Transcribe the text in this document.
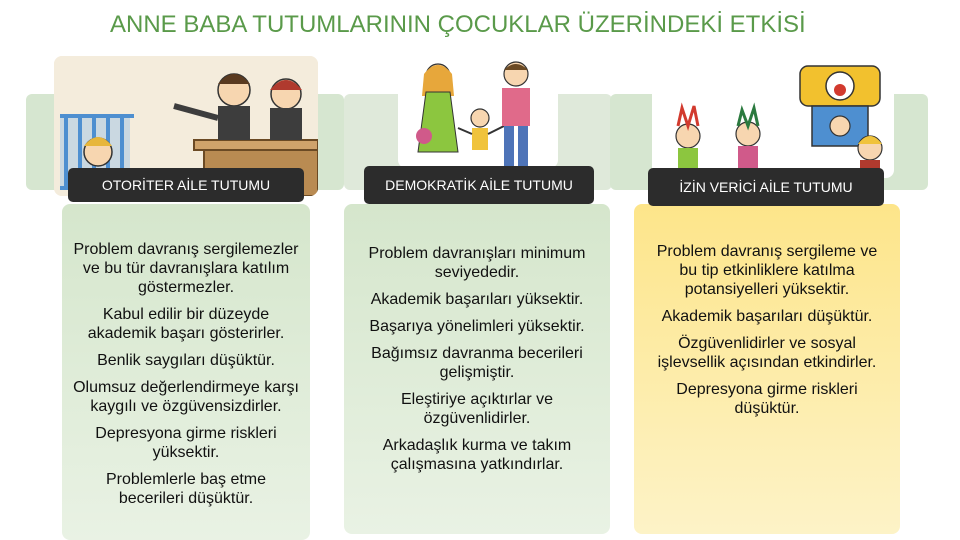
ANNE BABA TUTUMLARININ ÇOCUKLAR ÜZERİNDEKİ ETKİSİ
OTORİTER AİLE TUTUMU	DEMOKRATİK AİLE TUTUMU	İZİN VERİCİ AİLE TUTUMU

Problem davranış sergilemezler ve bu tür davranışlara katılım göstermezler.

Kabul edilir bir düzeyde akademik başarı gösterirler.

Benlik saygıları düşüktür.

Olumsuz değerlendirmeye karşı kaygılı ve özgüvensizdirler.

Depresyona girme riskleri yüksektir.

Problemlerle baş etme becerileri düşüktür.

Problem davranışları minimum seviyededir.

Akademik başarıları yüksektir.

Başarıya yönelimleri yüksektir.

Bağımsız davranma becerileri gelişmiştir.

Eleştiriye açıktırlar ve özgüvenlidirler.

Arkadaşlık kurma ve takım çalışmasına yatkındırlar.

Problem davranış sergileme ve bu tip etkinliklere katılma potansiyelleri yüksektir.

Akademik başarıları düşüktür.

Özgüvenlidirler ve sosyal işlevsellik açısından etkindirler.

Depresyona girme riskleri düşüktür.
